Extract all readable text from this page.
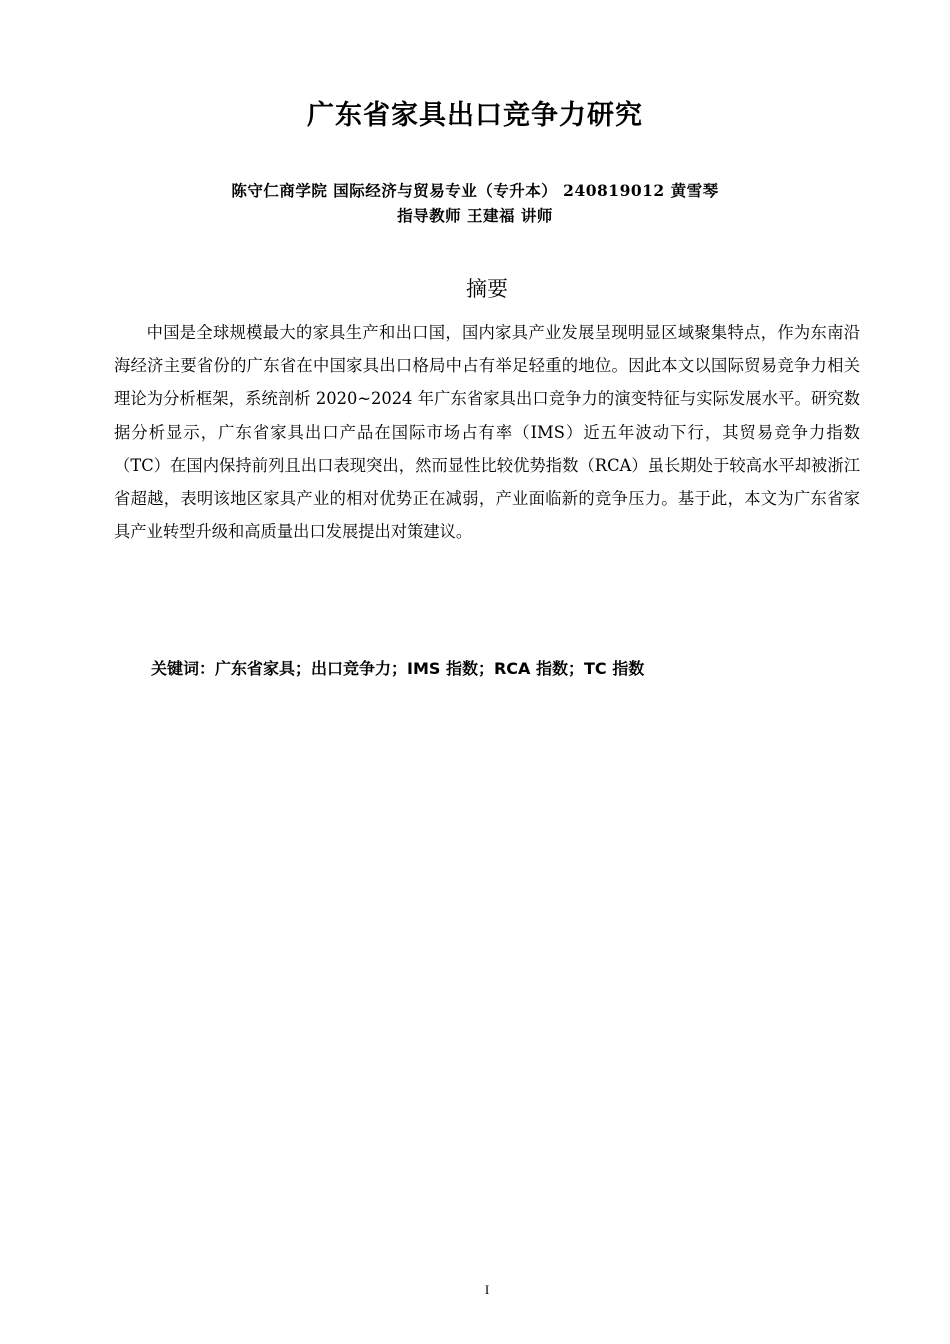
广东省家具出口竞争力研究
陈守仁商学院 国际经济与贸易专业（专升本） 240819012 黄雪琴
指导教师 王建福 讲师
摘要

中国是全球规模最大的家具生产和出口国，国内家具产业发展呈现明显区域聚集特点，作为东南沿海经济主要省份的广东省在中国家具出口格局中占有举足轻重的地位。因此本文以国际贸易竞争力相关理论为分析框架，系统剖析 2020~2024 年广东省家具出口竞争力的演变特征与实际发展水平。研究数据分析显示，广东省家具出口产品在国际市场占有率（IMS）近五年波动下行，其贸易竞争力指数（TC）在国内保持前列且出口表现突出，然而显性比较优势指数（RCA）虽长期处于较高水平却被浙江省超越，表明该地区家具产业的相对优势正在减弱，产业面临新的竞争压力。基于此，本文为广东省家具产业转型升级和高质量出口发展提出对策建议。

关键词：广东省家具；出口竞争力；IMS 指数；RCA 指数；TC 指数
I
